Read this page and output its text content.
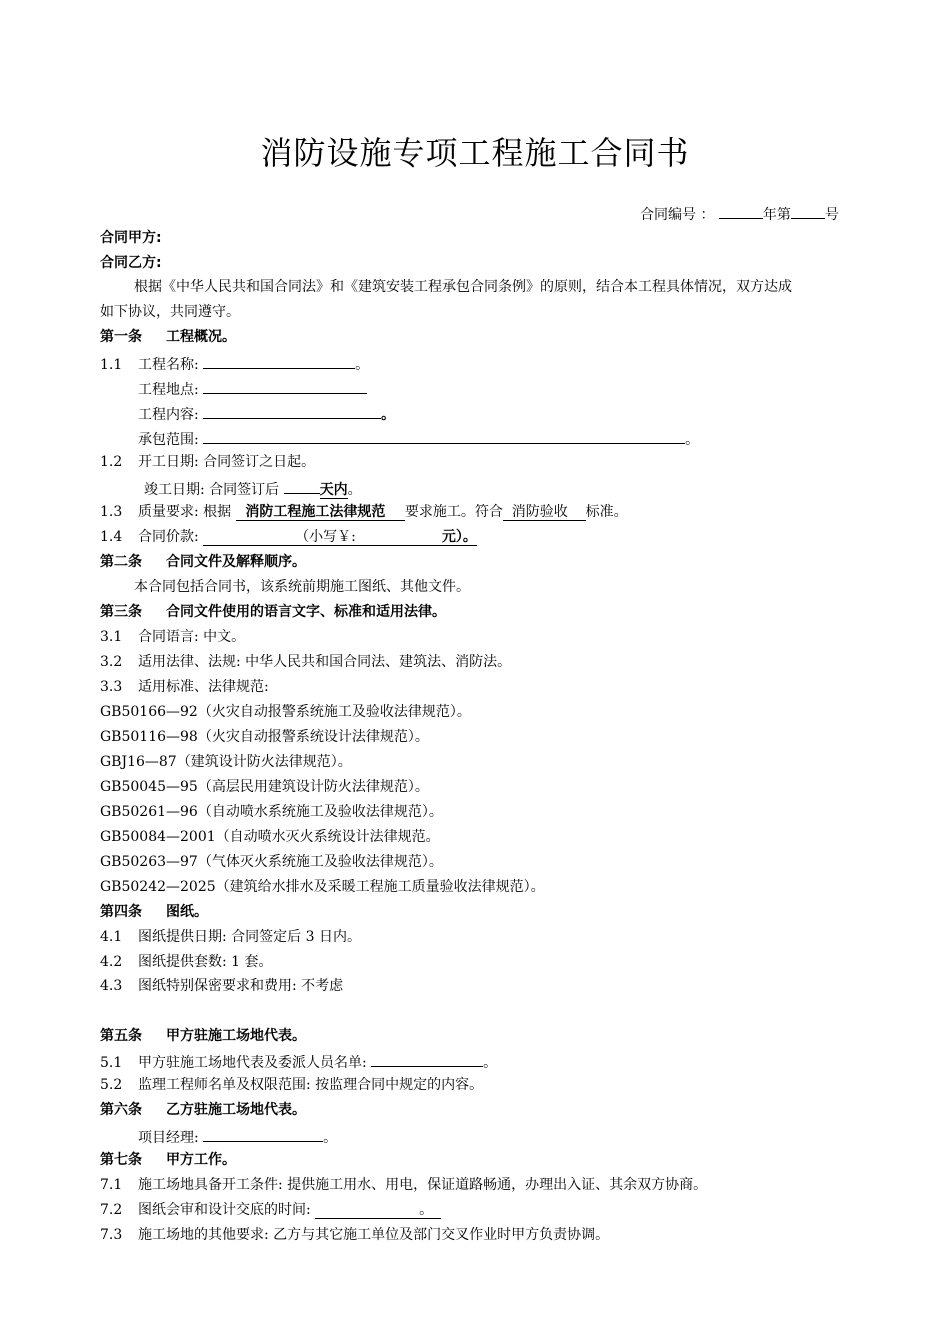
消防设施专项工程施工合同书
合同编号 ：	年第 号
合同甲方:
合同乙方:
根据《中华人民共和国合同法》和《建筑安装工程承包合同条例》的原则，结合本工程具体情况，双方达成
如下协议，共同遵守。
第一条 工程概况。
1.1 工程名称:	。
工程地点:
工程内容:	。
承包范围:	。
1.2 开工日期: 合同签订之日起。
竣工日期: 合同签订后	天内。
1.3 质量要求: 根据 消防工程施工法律规范 要求施工。符合 消防验收 标准。
1.4 合同价款:	（小写￥:	元）。
第二条 合同文件及解释顺序。
本合同包括合同书，该系统前期施工图纸、其他文件。
第三条 合同文件使用的语言文字、标准和适用法律。
3.1 合同语言: 中文。
3.2 适用法律、法规: 中华人民共和国合同法、建筑法、消防法。
3.3 适用标准、法律规范:
GB50166—92（火灾自动报警系统施工及验收法律规范）。
GB50116—98（火灾自动报警系统设计法律规范）。
GBJ16—87（建筑设计防火法律规范）。
GB50045—95（高层民用建筑设计防火法律规范）。
GB50261—96（自动喷水系统施工及验收法律规范）。
GB50084—2001（自动喷水灭火系统设计法律规范。
GB50263—97（气体灭火系统施工及验收法律规范）。
GB50242—2025（建筑给水排水及采暖工程施工质量验收法律规范）。
第四条 图纸。
4.1 图纸提供日期: 合同签定后 3 日内。
4.2 图纸提供套数: 1 套。
4.3 图纸特别保密要求和费用: 不考虑
第五条 甲方驻施工场地代表。
5.1 甲方驻施工场地代表及委派人员名单:	。
5.2 监理工程师名单及权限范围: 按监理合同中规定的内容。
第六条 乙方驻施工场地代表。
项目经理:	。
第七条 甲方工作。
7.1 施工场地具备开工条件: 提供施工用水、用电，保证道路畅通，办理出入证、其余双方协商。
7.2 图纸会审和设计交底的时间:	。
7.3 施工场地的其他要求: 乙方与其它施工单位及部门交叉作业时甲方负责协调。
